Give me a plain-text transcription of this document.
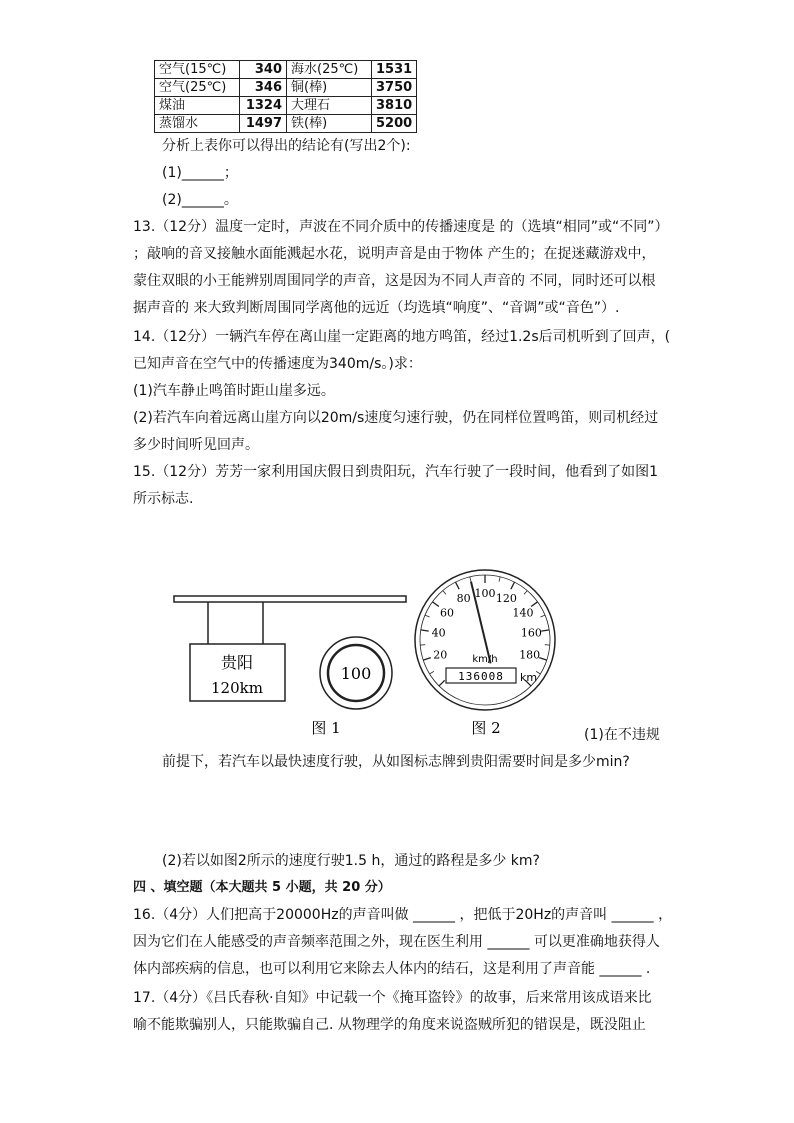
空气(15℃)	340	海水(25℃)	1531
空气(25℃)	346	铜(棒)	3750
煤油	1324	大理石	3810
蒸馏水	1497	铁(棒)	5200
分析上表你可以得出的结论有(写出2个):
(1)______；
(2)______。
13.（12分）温度一定时，声波在不同介质中的传播速度是 的（选填“相同”或“不同”）
；敲响的音叉接触水面能溅起水花，说明声音是由于物体 产生的；在捉迷藏游戏中，
蒙住双眼的小王能辨别周围同学的声音，这是因为不同人声音的 不同，同时还可以根
据声音的 来大致判断周围同学离他的远近（均选填“响度”、“音调”或“音色”）.
14.（12分）一辆汽车停在离山崖一定距离的地方鸣笛，经过1.2s后司机听到了回声，(
已知声音在空气中的传播速度为340m/s。)求：
(1)汽车静止鸣笛时距山崖多远。
(2)若汽车向着远离山崖方向以20m/s速度匀速行驶，仍在同样位置鸣笛，则司机经过
多少时间听见回声。
15.（12分）芳芳一家利用国庆假日到贵阳玩，汽车行驶了一段时间，他看到了如图1
所示标志.
贵阳
120km
100
20
40
60
80 100 120
140
160
180
km/h
136008 km
图 1	图 2	(1)在不违规
前提下，若汽车以最快速度行驶，从如图标志牌到贵阳需要时间是多少min?
(2)若以如图2所示的速度行驶1.5 h，通过的路程是多少 km?
四 、填空题（本大题共 5 小题，共 20 分）
16.（4分）人们把高于20000Hz的声音叫做 ______ ，把低于20Hz的声音叫 ______ ，
因为它们在人能感受的声音频率范围之外，现在医生利用 ______ 可以更准确地获得人
体内部疾病的信息，也可以利用它来除去人体内的结石，这是利用了声音能 ______ .
17.（4分）《吕氏春秋·自知》中记载一个《掩耳盗铃》的故事，后来常用该成语来比
喻不能欺骗别人，只能欺骗自己. 从物理学的角度来说盗贼所犯的错误是，既没阻止
